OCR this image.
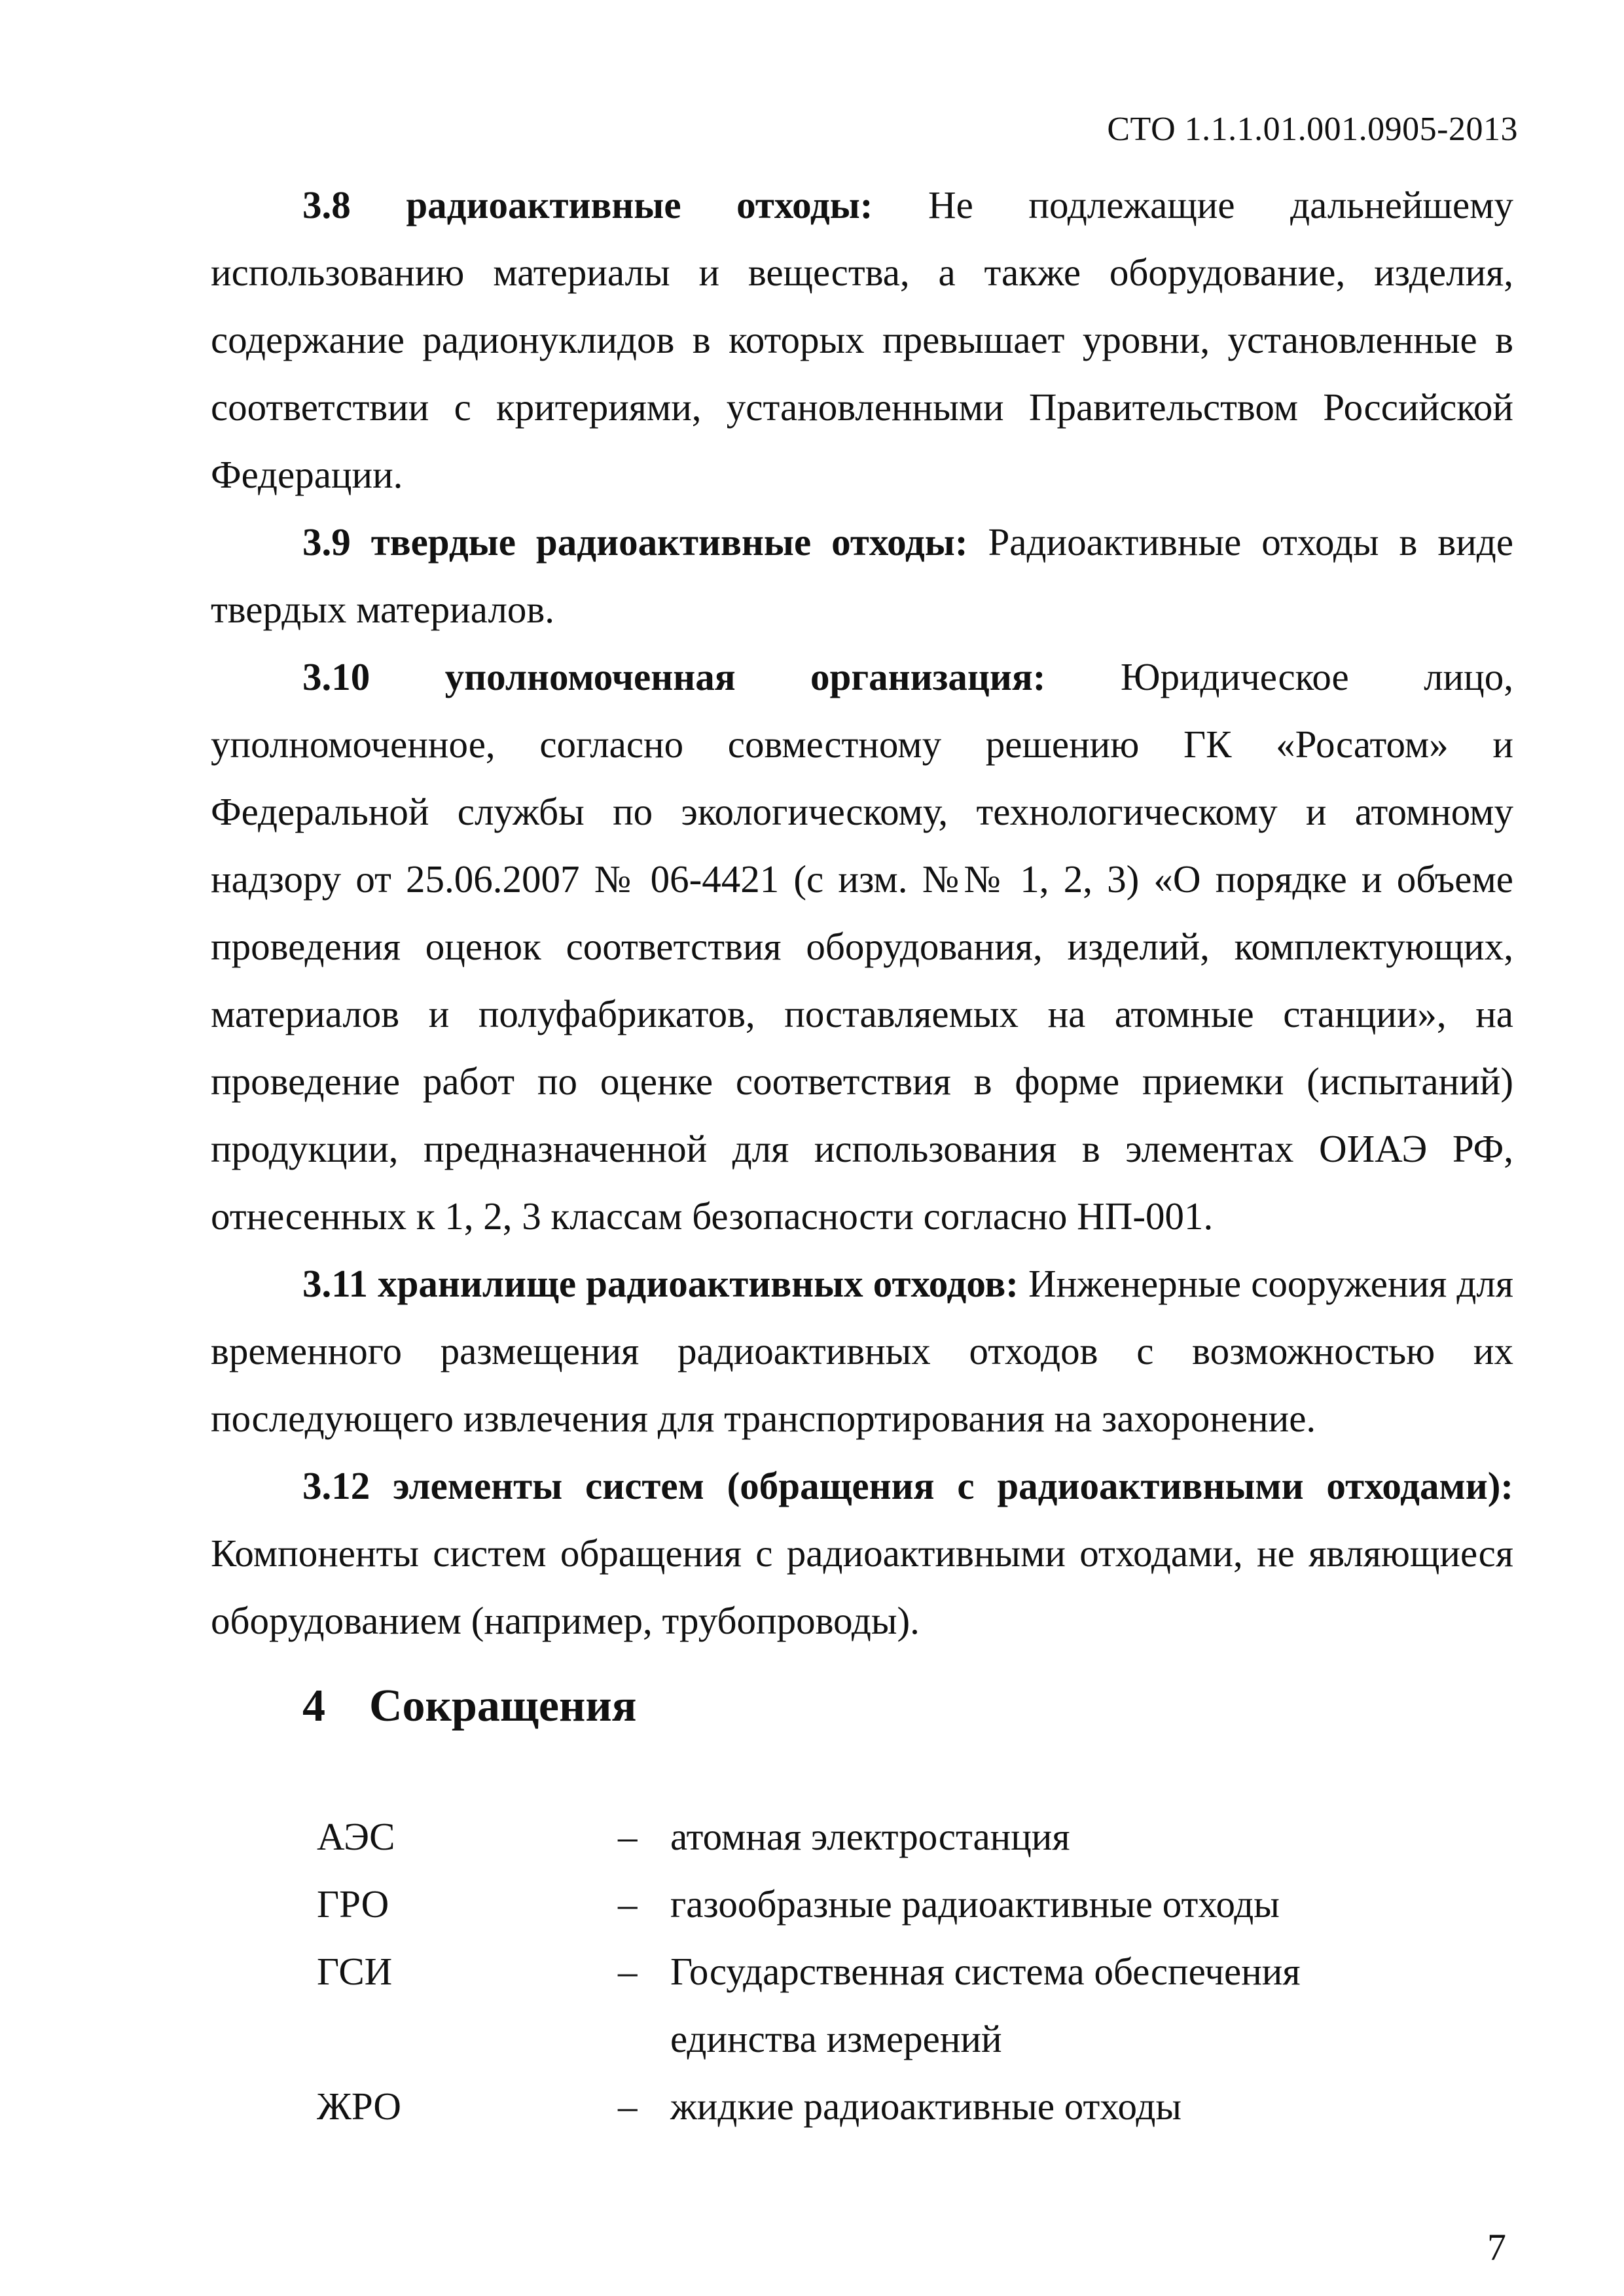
СТО 1.1.1.01.001.0905-2013

3.8 радиоактивные отходы: Не подлежащие дальнейшему использованию материалы и вещества, а также оборудование, изделия, содержание радионуклидов в которых превышает уровни, установленные в соответствии с критериями, установленными Правительством Российской Федерации.

3.9 твердые радиоактивные отходы: Радиоактивные отходы в виде твердых материалов.

3.10 уполномоченная организация: Юридическое лицо, уполномоченное, согласно совместному решению ГК «Росатом» и Федеральной службы по экологическому, технологическому и атомному надзору от 25.06.2007 № 06-4421 (с изм. №№ 1, 2, 3) «О порядке и объеме проведения оценок соответствия оборудования, изделий, комплектующих, материалов и полуфабрикатов, поставляемых на атомные станции», на проведение работ по оценке соответствия в форме приемки (испытаний) продукции, предназначенной для использования в элементах ОИАЭ РФ, отнесенных к 1, 2, 3 классам безопасности согласно НП-001.

3.11 хранилище радиоактивных отходов: Инженерные сооружения для временного размещения радиоактивных отходов с возможностью их последующего извлечения для транспортирования на захоронение.

3.12 элементы систем (обращения с радиоактивными отходами): Компоненты систем обращения с радиоактивными отходами, не являющиеся оборудованием (например, трубопроводы).

4 Сокращения
АЭС	– атомная электростанция
ГРО	– газообразные радиоактивные отходы
ГСИ	– Государственная система обеспечения единства измерений
ЖРО	– жидкие радиоактивные отходы
7
